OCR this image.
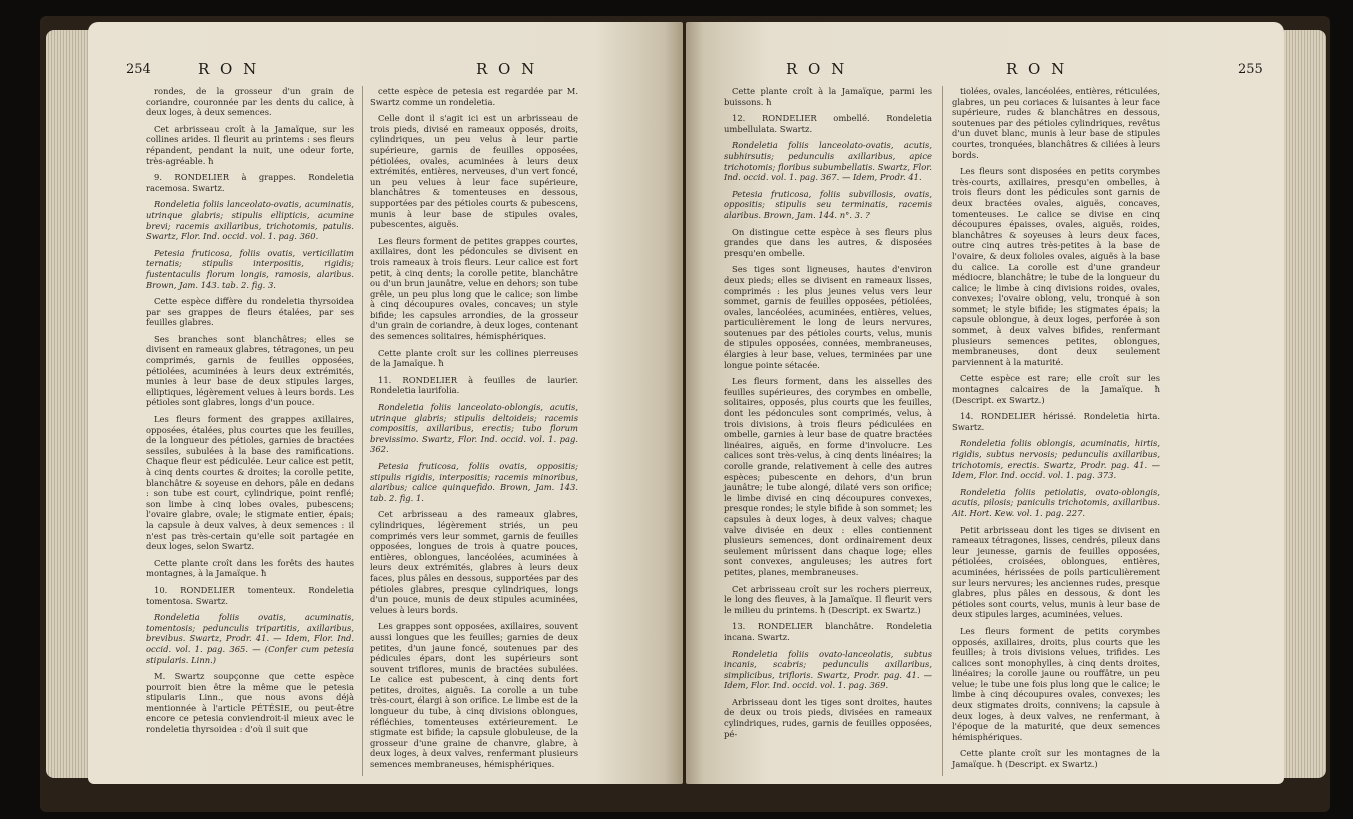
254	R O N	R O N

rondes, de la grosseur d'un grain de coriandre, couronnée par les dents du calice, à deux loges, à deux semences.

Cet arbrisseau croît à la Jamaïque, sur les collines arides. Il fleurit au printems : ses fleurs répandent, pendant la nuit, une odeur forte, très-agréable. ħ

9. RONDELIER à grappes. Rondeletia racemosa. Swartz.

Rondeletia foliis lanceolato-ovatis, acuminatis, utrinque glabris; stipulis ellipticis, acumine brevi; racemis axillaribus, trichotomis, patulis. Swartz, Flor. Ind. occid. vol. 1. pag. 360.

Petesia fruticosa, foliis ovatis, verticillatim ternatis; stipulis interpositis, rigidis; fustentaculis florum longis, ramosis, alaribus. Brown, Jam. 143. tab. 2. fig. 3.

Cette espèce diffère du rondeletia thyrsoidea par ses grappes de fleurs étalées, par ses feuilles glabres.

Ses branches sont blanchâtres; elles se divisent en rameaux glabres, tétragones, un peu comprimés, garnis de feuilles opposées, pétiolées, acuminées à leurs deux extrémités, munies à leur base de deux stipules larges, elliptiques, légèrement velues à leurs bords. Les pétioles sont glabres, longs d'un pouce.

Les fleurs forment des grappes axillaires, opposées, étalées, plus courtes que les feuilles, de la longueur des pétioles, garnies de bractées sessiles, subulées à la base des ramifications. Chaque fleur est pédiculée. Leur calice est petit, à cinq dents courtes & droites; la corolle petite, blanchâtre & soyeuse en dehors, pâle en dedans : son tube est court, cylindrique, point renflé; son limbe à cinq lobes ovales, pubescens; l'ovaire glabre, ovale; le stigmate entier, épais; la capsule à deux valves, à deux semences : il n'est pas très-certain qu'elle soit partagée en deux loges, selon Swartz.

Cette plante croît dans les forêts des hautes montagnes, à la Jamaïque. ħ

10. RONDELIER tomenteux. Rondeletia tomentosa. Swartz.

Rondeletia foliis ovatis, acuminatis, tomentosis; pedunculis tripartitis, axillaribus, brevibus. Swartz, Prodr. 41. — Idem, Flor. Ind. occid. vol. 1. pag. 365. — (Confer cum petesia stipularis. Linn.)

M. Swartz soupçonne que cette espèce pourroit bien être la même que le petesia stipularis Linn., que nous avons déjà mentionnée à l'article PÉTÉSIE, ou peut-être encore ce petesia conviendroit-il mieux avec le rondeletia thyrsoidea : d'où il suit que

cette espèce de petesia est regardée par M. Swartz comme un rondeletia.

Celle dont il s'agit ici est un arbrisseau de trois pieds, divisé en rameaux opposés, droits, cylindriques, un peu velus à leur partie supérieure, garnis de feuilles opposées, pétiolées, ovales, acuminées à leurs deux extrémités, entières, nerveuses, d'un vert foncé, un peu velues à leur face supérieure, blanchâtres & tomenteuses en dessous, supportées par des pétioles courts & pubescens, munis à leur base de stipules ovales, pubescentes, aiguës.

Les fleurs forment de petites grappes courtes, axillaires, dont les pédoncules se divisent en trois rameaux à trois fleurs. Leur calice est fort petit, à cinq dents; la corolle petite, blanchâtre ou d'un brun jaunâtre, velue en dehors; son tube grêle, un peu plus long que le calice; son limbe à cinq découpures ovales, concaves; un style bifide; les capsules arrondies, de la grosseur d'un grain de coriandre, à deux loges, contenant des semences solitaires, hémisphériques.

Cette plante croît sur les collines pierreuses de la Jamaïque. ħ

11. RONDELIER à feuilles de laurier. Rondeletia laurifolia.

Rondeletia foliis lanceolato-oblongis, acutis, utrinque glabris; stipulis deltoideis; racemis compositis, axillaribus, erectis; tubo florum brevissimo. Swartz, Flor. Ind. occid. vol. 1. pag. 362.

Petesia fruticosa, foliis ovatis, oppositis; stipulis rigidis, interpositis; racemis minoribus, alaribus; calice quinquefido. Brown, Jam. 143. tab. 2. fig. 1.

Cet arbrisseau a des rameaux glabres, cylindriques, légèrement striés, un peu comprimés vers leur sommet, garnis de feuilles opposées, longues de trois à quatre pouces, entières, oblongues, lancéolées, acuminées à leurs deux extrémités, glabres à leurs deux faces, plus pâles en dessous, supportées par des pétioles glabres, presque cylindriques, longs d'un pouce, munis de deux stipules acuminées, velues à leurs bords.

Les grappes sont opposées, axillaires, souvent aussi longues que les feuilles; garnies de deux petites, d'un jaune foncé, soutenues par des pédicules épars, dont les supérieurs sont souvent triflores, munis de bractées subulées. Le calice est pubescent, à cinq dents fort petites, droites, aiguës. La corolle a un tube très-court, élargi à son orifice. Le limbe est de la longueur du tube, à cinq divisions oblongues, réfléchies, tomenteuses extérieurement. Le stigmate est bifide; la capsule globuleuse, de la grosseur d'une graine de chanvre, glabre, à deux loges, à deux valves, renfermant plusieurs semences membraneuses, hémisphériques.

R O N	R O N	255

Cette plante croît à la Jamaïque, parmi les buissons. ħ

12. RONDELIER ombellé. Rondeletia umbellulata. Swartz.

Rondeletia foliis lanceolato-ovatis, acutis, subhirsutis; pedunculis axillaribus, apice trichotomis; floribus subumbellatis. Swartz, Flor. Ind. occid. vol. 1. pag. 367. — Idem, Prodr. 41.

Petesia fruticosa, foliis subvillosis, ovatis, oppositis; stipulis seu terminatis, racemis alaribus. Brown, Jam. 144. n°. 3. ?

On distingue cette espèce à ses fleurs plus grandes que dans les autres, & disposées presqu'en ombelle.

Ses tiges sont ligneuses, hautes d'environ deux pieds; elles se divisent en rameaux lisses, comprimés : les plus jeunes velus vers leur sommet, garnis de feuilles opposées, pétiolées, ovales, lancéolées, acuminées, entières, velues, particulièrement le long de leurs nervures, soutenues par des pétioles courts, velus, munis de stipules opposées, connées, membraneuses, élargies à leur base, velues, terminées par une longue pointe sétacée.

Les fleurs forment, dans les aisselles des feuilles supérieures, des corymbes en ombelle, solitaires, opposés, plus courts que les feuilles, dont les pédoncules sont comprimés, velus, à trois divisions, à trois fleurs pédiculées en ombelle, garnies à leur base de quatre bractées linéaires, aiguës, en forme d'involucre. Les calices sont très-velus, à cinq dents linéaires; la corolle grande, relativement à celle des autres espèces; pubescente en dehors, d'un brun jaunâtre; le tube alongé, dilaté vers son orifice; le limbe divisé en cinq découpures convexes, presque rondes; le style bifide à son sommet; les capsules à deux loges, à deux valves; chaque valve divisée en deux : elles contiennent plusieurs semences, dont ordinairement deux seulement mûrissent dans chaque loge; elles sont convexes, anguleuses; les autres fort petites, planes, membraneuses.

Cet arbrisseau croît sur les rochers pierreux, le long des fleuves, à la Jamaïque. Il fleurit vers le milieu du printems. ħ (Descript. ex Swartz.)

13. RONDELIER blanchâtre. Rondeletia incana. Swartz.

Rondeletia foliis ovato-lanceolatis, subtus incanis, scabris; pedunculis axillaribus, simplicibus, trifloris. Swartz, Prodr. pag. 41. — Idem, Flor. Ind. occid. vol. 1. pag. 369.

Arbrisseau dont les tiges sont droites, hautes de deux ou trois pieds, divisées en rameaux cylindriques, rudes, garnis de feuilles opposées, pé-

tiolées, ovales, lancéolées, entières, réticulées, glabres, un peu coriaces & luisantes à leur face supérieure, rudes & blanchâtres en dessous, soutenues par des pétioles cylindriques, revêtus d'un duvet blanc, munis à leur base de stipules courtes, tronquées, blanchâtres & ciliées à leurs bords.

Les fleurs sont disposées en petits corymbes très-courts, axillaires, presqu'en ombelles, à trois fleurs dont les pédicules sont garnis de deux bractées ovales, aiguës, concaves, tomenteuses. Le calice se divise en cinq découpures épaisses, ovales, aiguës, roides, blanchâtres & soyeuses à leurs deux faces, outre cinq autres très-petites à la base de l'ovaire, & deux folioles ovales, aiguës à la base du calice. La corolle est d'une grandeur médiocre, blanchâtre; le tube de la longueur du calice; le limbe à cinq divisions roides, ovales, convexes; l'ovaire oblong, velu, tronqué à son sommet; le style bifide; les stigmates épais; la capsule oblongue, à deux loges, perforée à son sommet, à deux valves bifides, renfermant plusieurs semences petites, oblongues, membraneuses, dont deux seulement parviennent à la maturité.

Cette espèce est rare; elle croît sur les montagnes calcaires de la Jamaïque. ħ (Descript. ex Swartz.)

14. RONDELIER hérissé. Rondeletia hirta. Swartz.

Rondeletia foliis oblongis, acuminatis, hirtis, rigidis, subtus nervosis; pedunculis axillaribus, trichotomis, erectis. Swartz, Prodr. pag. 41. — Idem, Flor. Ind. occid. vol. 1. pag. 373.

Rondeletia foliis petiolatis, ovato-oblongis, acutis, pilosis; paniculis trichotomis, axillaribus. Ait. Hort. Kew. vol. 1. pag. 227.

Petit arbrisseau dont les tiges se divisent en rameaux tétragones, lisses, cendrés, pileux dans leur jeunesse, garnis de feuilles opposées, pétiolées, croisées, oblongues, entières, acuminées, hérissées de poils particulièrement sur leurs nervures; les anciennes rudes, presque glabres, plus pâles en dessous, & dont les pétioles sont courts, velus, munis à leur base de deux stipules larges, acuminées, velues.

Les fleurs forment de petits corymbes opposés, axillaires, droits, plus courts que les feuilles; à trois divisions velues, trifides. Les calices sont monophylles, à cinq dents droites, linéaires; la corolle jaune ou rouffâtre, un peu velue; le tube une fois plus long que le calice; le limbe à cinq découpures ovales, convexes; les deux stigmates droits, connivens; la capsule à deux loges, à deux valves, ne renfermant, à l'époque de la maturité, que deux semences hémisphériques.

Cette plante croît sur les montagnes de la Jamaïque. ħ (Descript. ex Swartz.)
